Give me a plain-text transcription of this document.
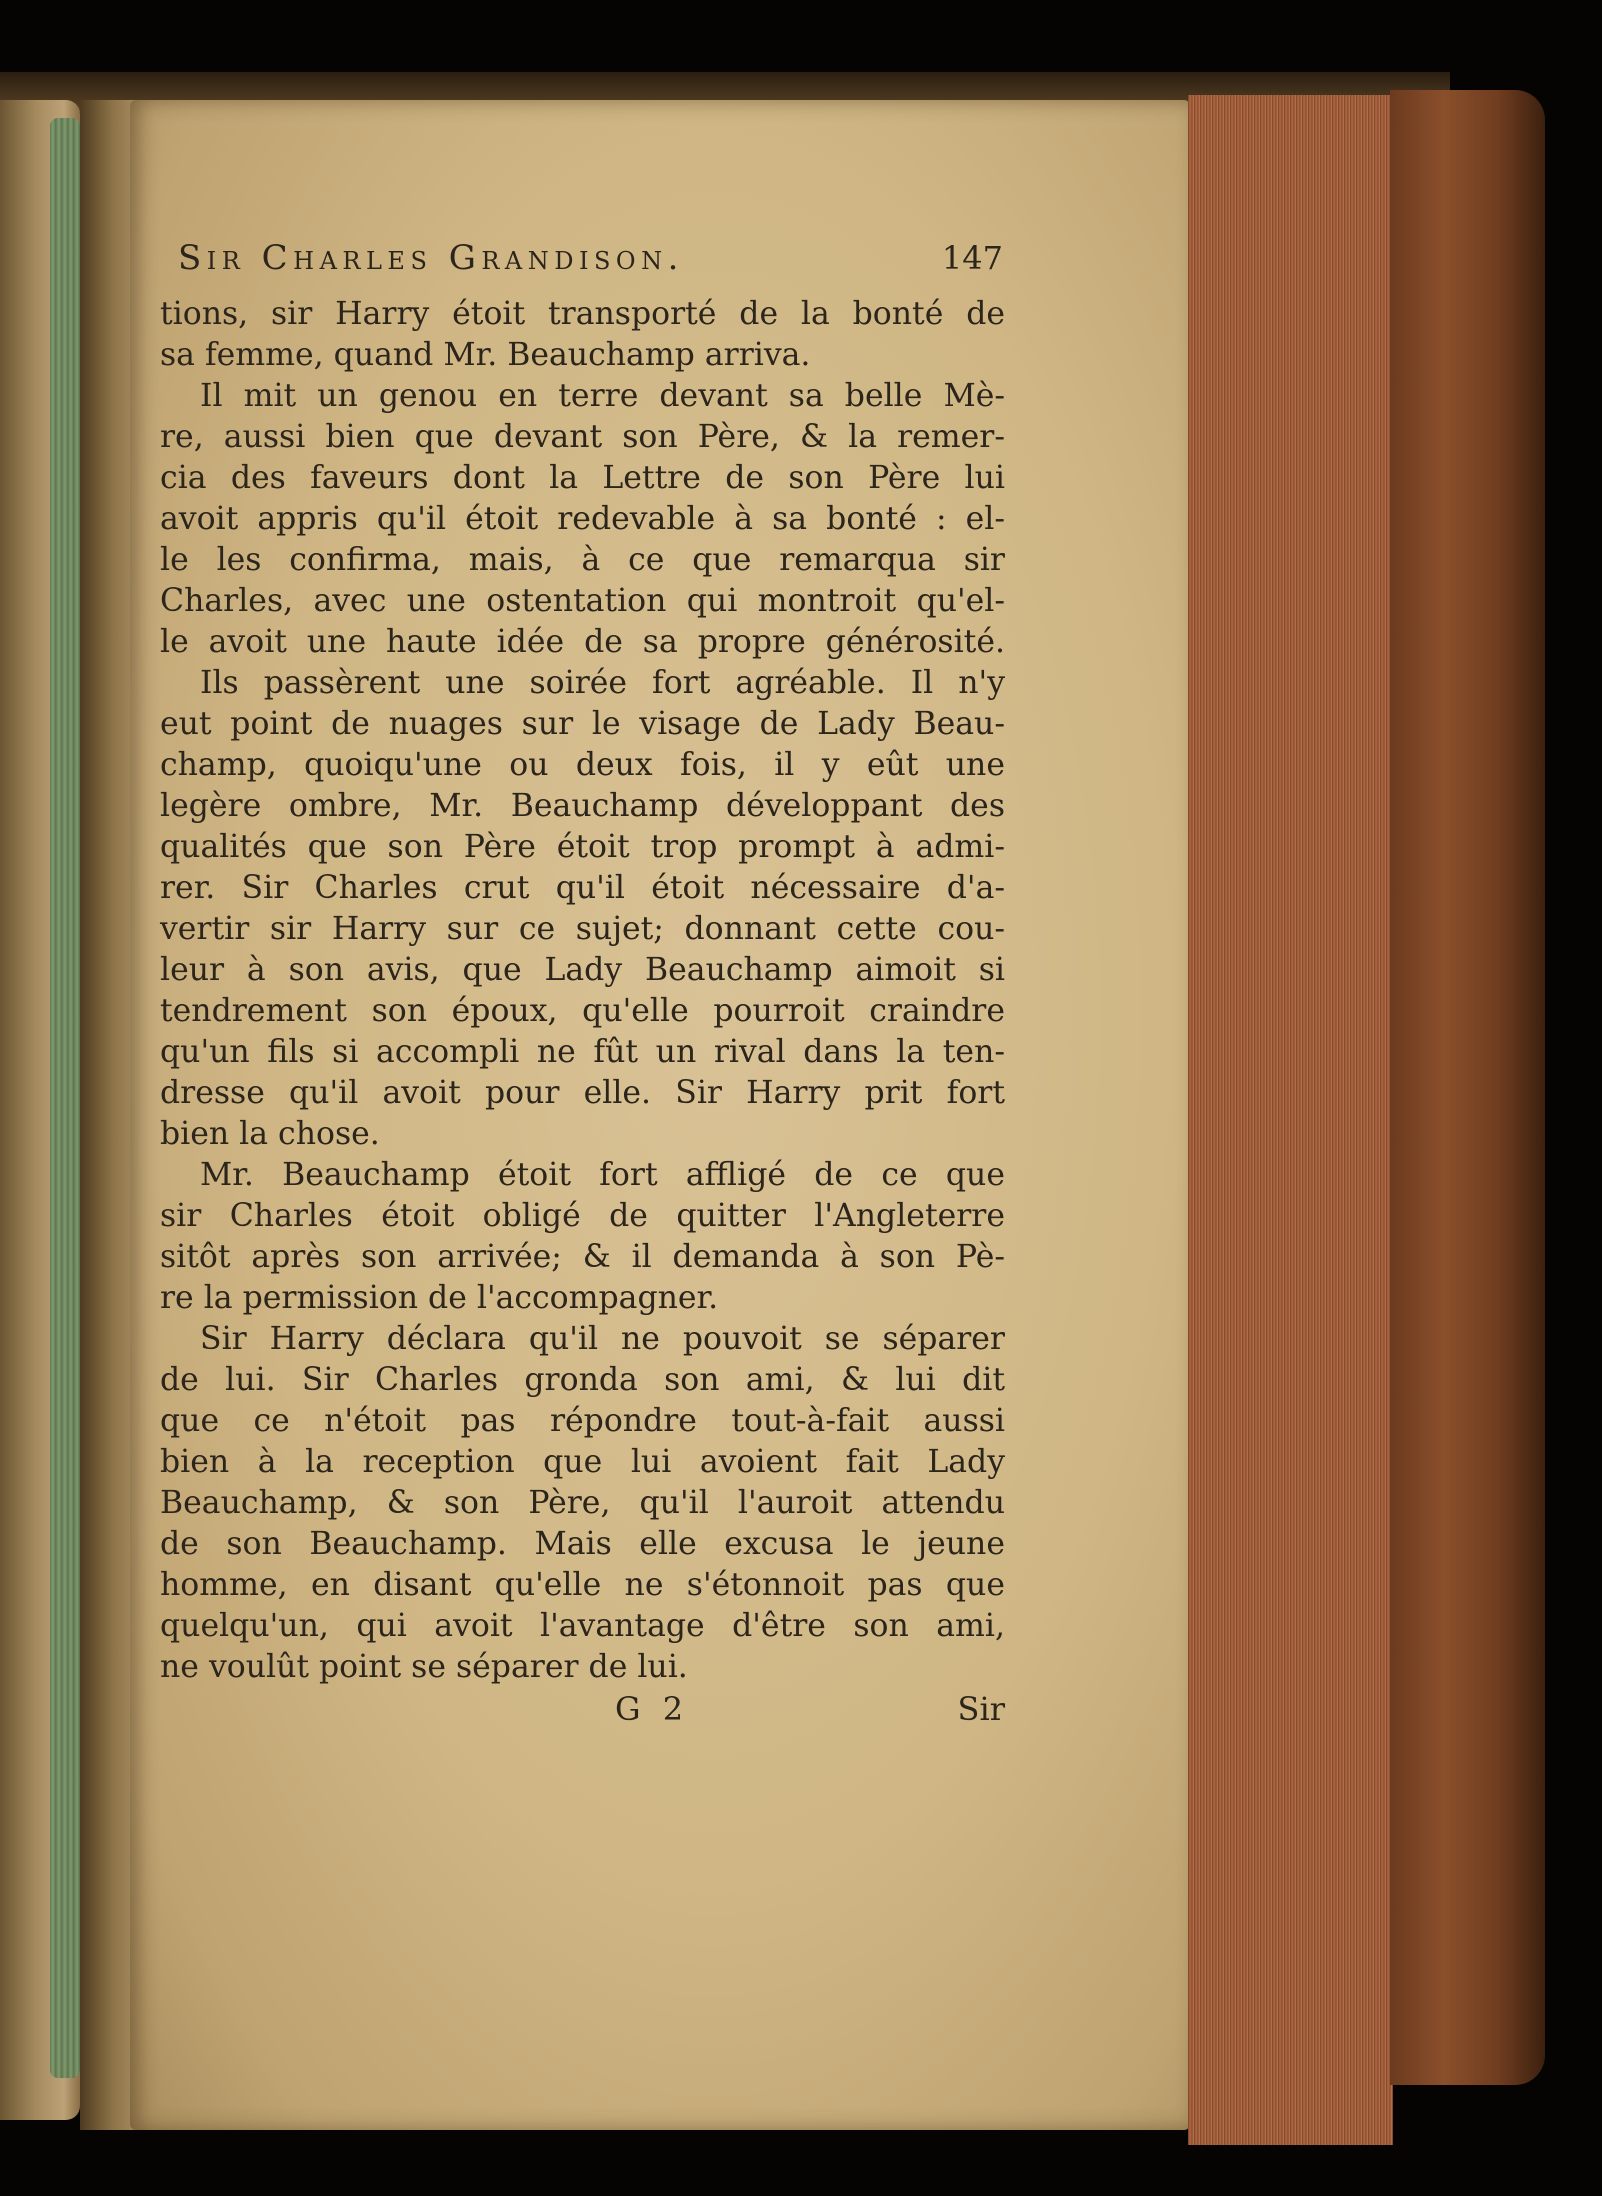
Sir Charles Grandison.	147
tions, sir Harry étoit transporté de la bonté de
sa femme, quand Mr. Beauchamp arriva.
Il mit un genou en terre devant sa belle Mè-
re, aussi bien que devant son Père, & la remer-
cia des faveurs dont la Lettre de son Père lui
avoit appris qu'il étoit redevable à sa bonté : el-
le les confirma, mais, à ce que remarqua sir
Charles, avec une ostentation qui montroit qu'el-
le avoit une haute idée de sa propre générosité.
Ils passèrent une soirée fort agréable. Il n'y
eut point de nuages sur le visage de Lady Beau-
champ, quoiqu'une ou deux fois, il y eût une
legère ombre, Mr. Beauchamp développant des
qualités que son Père étoit trop prompt à admi-
rer. Sir Charles crut qu'il étoit nécessaire d'a-
vertir sir Harry sur ce sujet; donnant cette cou-
leur à son avis, que Lady Beauchamp aimoit si
tendrement son époux, qu'elle pourroit craindre
qu'un fils si accompli ne fût un rival dans la ten-
dresse qu'il avoit pour elle. Sir Harry prit fort
bien la chose.
Mr. Beauchamp étoit fort affligé de ce que
sir Charles étoit obligé de quitter l'Angleterre
sitôt après son arrivée; & il demanda à son Pè-
re la permission de l'accompagner.
Sir Harry déclara qu'il ne pouvoit se séparer
de lui. Sir Charles gronda son ami, & lui dit
que ce n'étoit pas répondre tout-à-fait aussi
bien à la reception que lui avoient fait Lady
Beauchamp, & son Père, qu'il l'auroit attendu
de son Beauchamp. Mais elle excusa le jeune
homme, en disant qu'elle ne s'étonnoit pas que
quelqu'un, qui avoit l'avantage d'être son ami,
ne voulût point se séparer de lui.
G 2	Sir
